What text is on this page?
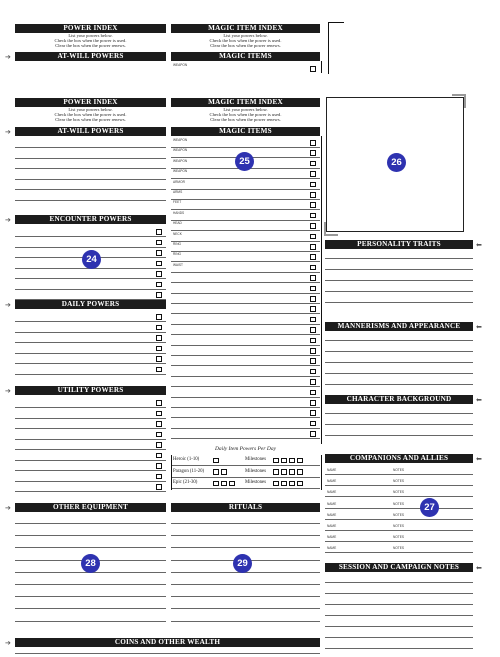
POWER INDEX
List your powers below.
Check the box when the power is used.
Clear the box when the power renews.
AT-WILL POWERS
➔
MAGIC ITEM INDEX
List your powers below.
Check the box when the power is used.
Clear the box when the power renews.
MAGIC ITEMS
WEAPON
POWER INDEX
List your powers below.
Check the box when the power is used.
Clear the box when the power renews.
AT-WILL POWERS
➔
ENCOUNTER POWERS
➔
DAILY POWERS
➔
UTILITY POWERS
➔
24
OTHER EQUIPMENT
➔
28
COINS AND OTHER WEALTH
➔
MAGIC ITEM INDEX
List your powers below.
Check the box when the power is used.
Clear the box when the power renews.
MAGIC ITEMS
WEAPON
WEAPON
WEAPON
WEAPON
ARMOR
ARMS
FEET
HANDS
HEAD
NECK
RING
RING
WAIST
25
Daily Item Powers Per Day
Heroic (1-10)	Milestones
Paragon (11-20)	Milestones
Epic (21-30)	Milestones
RITUALS
29
26
PERSONALITY TRAITS	⬅
MANNERISMS AND APPEARANCE	⬅
CHARACTER BACKGROUND	⬅
COMPANIONS AND ALLIES	⬅
NAME	NOTES
NAME	NOTES
NAME	NOTES
NAME	NOTES
NAME	NOTES
NAME	NOTES
NAME	NOTES
NAME	NOTES
27
SESSION AND CAMPAIGN NOTES	⬅
